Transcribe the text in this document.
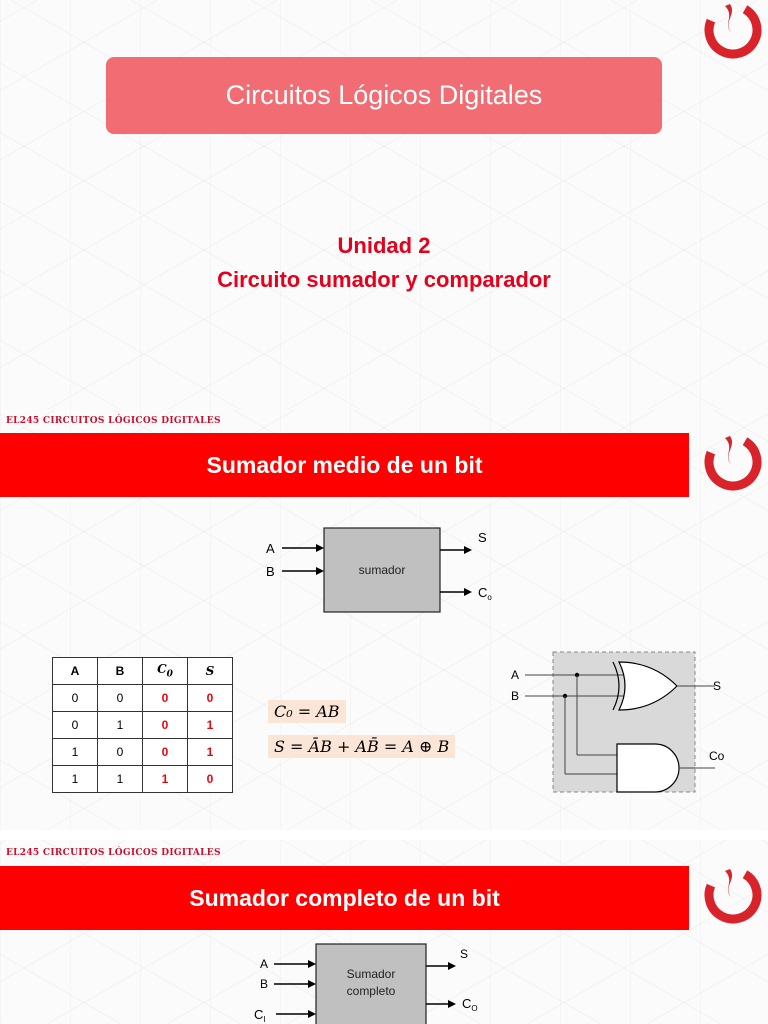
Circuitos Lógicos Digitales
Unidad 2
Circuito sumador y comparador
EL245 CIRCUITOS LÓGICOS DIGITALES
Sumador medio de un bit
sumador
A
B
S
$C_o$
A	B	$C_0$	S
0	0	0	0
0	1	0	1
1	0	0	1
1	1	1	0
C₀ = AB
S = ĀB + AB̄ = A ⊕ B
A
B
S
Co
EL245 CIRCUITOS LÓGICOS DIGITALES
Sumador completo de un bit
Sumador
completo
A
B
$C_I$
S
$C_O$
